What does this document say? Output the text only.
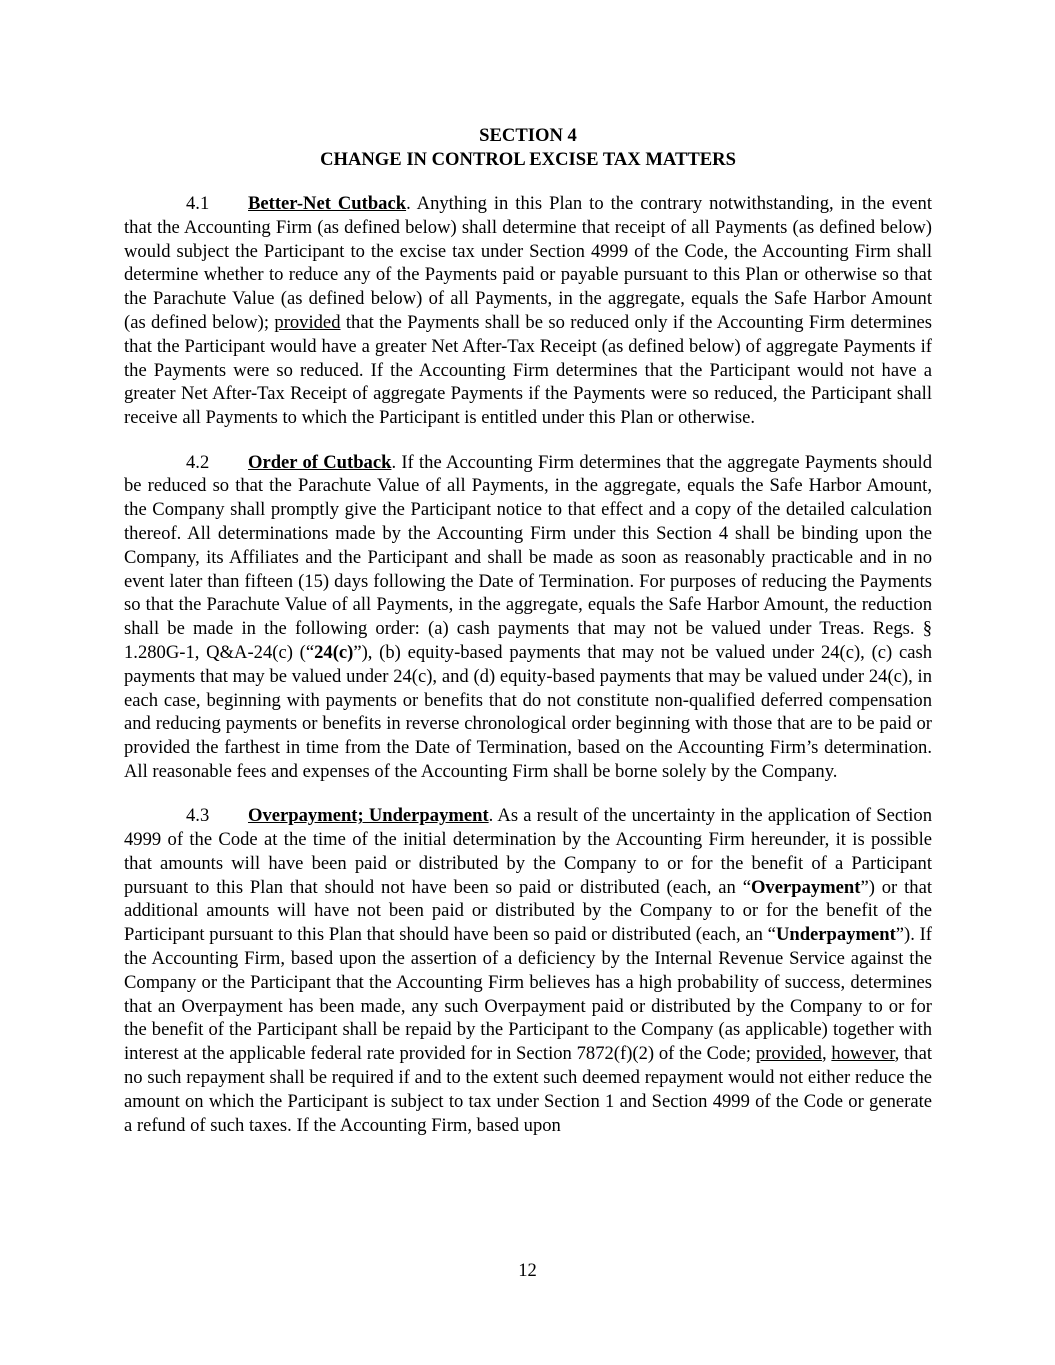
SECTION 4

CHANGE IN CONTROL EXCISE TAX MATTERS

4.1 Better-Net Cutback. Anything in this Plan to the contrary notwithstanding, in the event that the Accounting Firm (as defined below) shall determine that receipt of all Payments (as defined below) would subject the Participant to the excise tax under Section 4999 of the Code, the Accounting Firm shall determine whether to reduce any of the Payments paid or payable pursuant to this Plan or otherwise so that the Parachute Value (as defined below) of all Payments, in the aggregate, equals the Safe Harbor Amount (as defined below); provided that the Payments shall be so reduced only if the Accounting Firm determines that the Participant would have a greater Net After-Tax Receipt (as defined below) of aggregate Payments if the Payments were so reduced. If the Accounting Firm determines that the Participant would not have a greater Net After-Tax Receipt of aggregate Payments if the Payments were so reduced, the Participant shall receive all Payments to which the Participant is entitled under this Plan or otherwise.

4.2 Order of Cutback. If the Accounting Firm determines that the aggregate Payments should be reduced so that the Parachute Value of all Payments, in the aggregate, equals the Safe Harbor Amount, the Company shall promptly give the Participant notice to that effect and a copy of the detailed calculation thereof. All determinations made by the Accounting Firm under this Section 4 shall be binding upon the Company, its Affiliates and the Participant and shall be made as soon as reasonably practicable and in no event later than fifteen (15) days following the Date of Termination. For purposes of reducing the Payments so that the Parachute Value of all Payments, in the aggregate, equals the Safe Harbor Amount, the reduction shall be made in the following order: (a) cash payments that may not be valued under Treas. Regs. § 1.280G-1, Q&A-24(c) (“24(c)”), (b) equity-based payments that may not be valued under 24(c), (c) cash payments that may be valued under 24(c), and (d) equity-based payments that may be valued under 24(c), in each case, beginning with payments or benefits that do not constitute non-qualified deferred compensation and reducing payments or benefits in reverse chronological order beginning with those that are to be paid or provided the farthest in time from the Date of Termination, based on the Accounting Firm’s determination. All reasonable fees and expenses of the Accounting Firm shall be borne solely by the Company.

4.3 Overpayment; Underpayment. As a result of the uncertainty in the application of Section 4999 of the Code at the time of the initial determination by the Accounting Firm hereunder, it is possible that amounts will have been paid or distributed by the Company to or for the benefit of a Participant pursuant to this Plan that should not have been so paid or distributed (each, an “Overpayment”) or that additional amounts will have not been paid or distributed by the Company to or for the benefit of the Participant pursuant to this Plan that should have been so paid or distributed (each, an “Underpayment”). If the Accounting Firm, based upon the assertion of a deficiency by the Internal Revenue Service against the Company or the Participant that the Accounting Firm believes has a high probability of success, determines that an Overpayment has been made, any such Overpayment paid or distributed by the Company to or for the benefit of the Participant shall be repaid by the Participant to the Company (as applicable) together with interest at the applicable federal rate provided for in Section 7872(f)(2) of the Code; provided, however, that no such repayment shall be required if and to the extent such deemed repayment would not either reduce the amount on which the Participant is subject to tax under Section 1 and Section 4999 of the Code or generate a refund of such taxes. If the Accounting Firm, based upon

12
